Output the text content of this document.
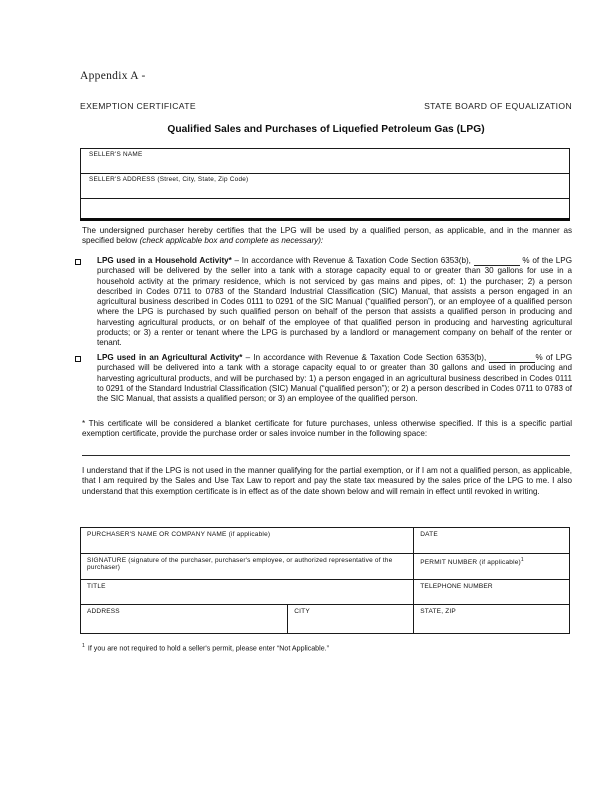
Appendix A -
EXEMPTION CERTIFICATE	STATE BOARD OF EQUALIZATION
Qualified Sales and Purchases of Liquefied Petroleum Gas (LPG)
SELLER'S NAME
SELLER'S ADDRESS (Street, City, State, Zip Code)
The undersigned purchaser hereby certifies that the LPG will be used by a qualified person, as applicable, and in the manner as specified below (check applicable box and complete as necessary):
LPG used in a Household Activity* – In accordance with Revenue & Taxation Code Section 6353(b),	% of the LPG purchased will be delivered by the seller into a tank with a storage capacity equal to or greater than 30 gallons for use in a household activity at the primary residence, which is not serviced by gas mains and pipes, of: 1) the purchaser; 2) a person described in Codes 0711 to 0783 of the Standard Industrial Classification (SIC) Manual, that assists a person engaged in an agricultural business described in Codes 0111 to 0291 of the SIC Manual (“qualified person”), or an employee of a qualified person where the LPG is purchased by such qualified person on behalf of the person that assists a qualified person in producing and harvesting agricultural products, or on behalf of the employee of that qualified person in producing and harvesting agricultural products; or 3) a renter or tenant where the LPG is purchased by a landlord or management company on behalf of the renter or tenant.
LPG used in an Agricultural Activity* – In accordance with Revenue & Taxation Code Section 6353(b),	% of LPG purchased will be delivered into a tank with a storage capacity equal to or greater than 30 gallons and used in producing and harvesting agricultural products, and will be purchased by: 1) a person engaged in an agricultural business described in Codes 0111 to 0291 of the Standard Industrial Classification (SIC) Manual (“qualified person”); or 2) a person described in Codes 0711 to 0783 of the SIC Manual, that assists a qualified person; or 3) an employee of the qualified person.
* This certificate will be considered a blanket certificate for future purchases, unless otherwise specified. If this is a specific partial exemption certificate, provide the purchase order or sales invoice number in the following space:
I understand that if the LPG is not used in the manner qualifying for the partial exemption, or if I am not a qualified person, as applicable, that I am required by the Sales and Use Tax Law to report and pay the state tax measured by the sales price of the LPG to me. I also understand that this exemption certificate is in effect as of the date shown below and will remain in effect until revoked in writing.
PURCHASER'S NAME OR COMPANY NAME (if applicable)		DATE
SIGNATURE (signature of the purchaser, purchaser's employee, or authorized representative of the purchaser)		PERMIT NUMBER (if applicable)$^1$
TITLE		TELEPHONE NUMBER
ADDRESS	CITY	STATE, ZIP
$^1$ If you are not required to hold a seller's permit, please enter “Not Applicable.”
